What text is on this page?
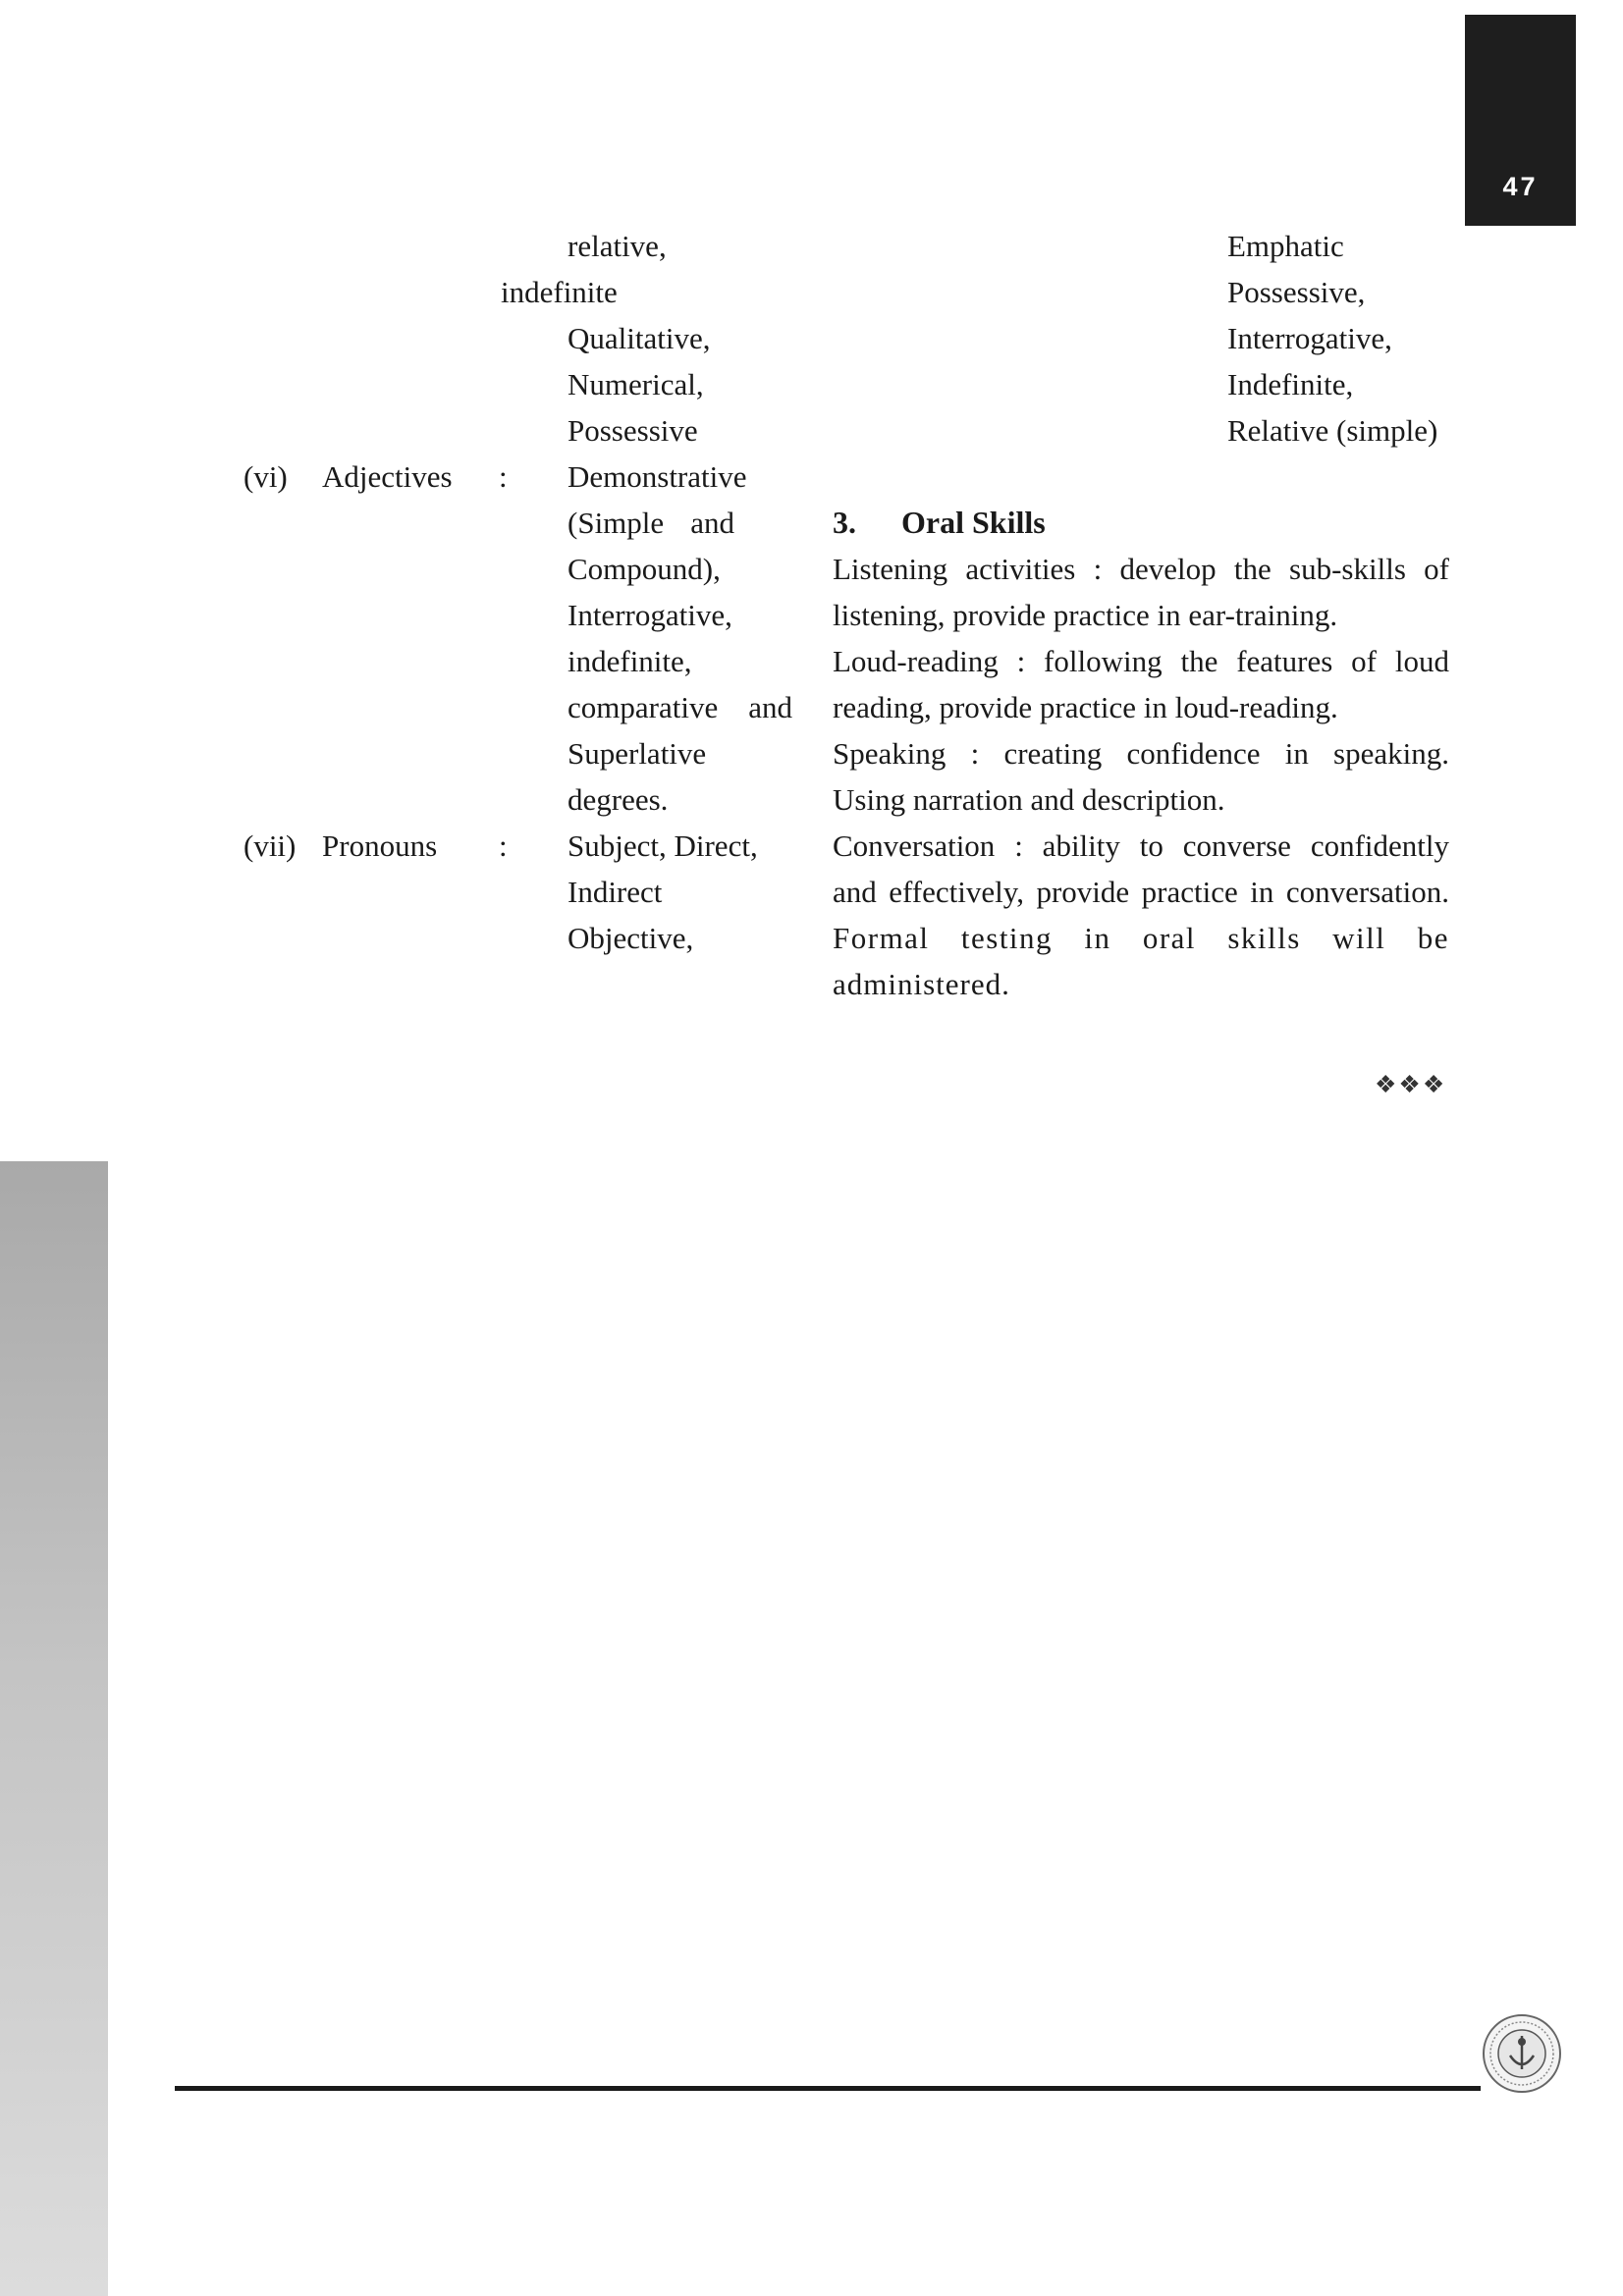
47
relative,
indefinite
Qualitative,
Numerical,
Possessive
(vi) Adjectives : Demonstrative
(Simple and
Compound),
Interrogative,
indefinite,
comparative and
Superlative
degrees.
(vii) Pronouns : Subject, Direct,
Indirect
Objective,
Emphatic
Possessive,
Interrogative,
Indefinite,
Relative (simple)
3. Oral Skills
Listening activities : develop the sub-skills of
listening, provide practice in ear-training.
Loud-reading : following the features of loud
reading, provide practice in loud-reading.
Speaking : creating confidence in speaking.
Using narration and description.
Conversation : ability to converse confidently
and effectively, provide practice in conversation.
Formal testing in oral skills will be
administered.
❖❖❖
